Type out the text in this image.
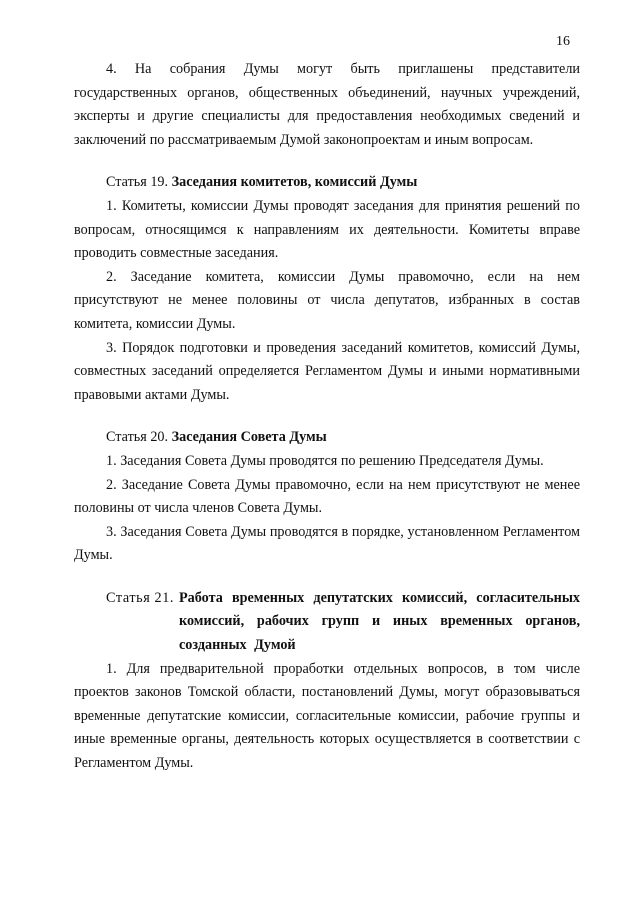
16

4. На собрания Думы могут быть приглашены представители государственных органов, общественных объединений, научных учреждений, эксперты и другие специалисты для предоставления необходимых сведений и заключений по рассматриваемым Думой законопроектам и иным вопросам.

Статья 19. Заседания комитетов, комиссий Думы

1. Комитеты, комиссии Думы проводят заседания для принятия решений по вопросам, относящимся к направлениям их деятельности. Комитеты вправе проводить совместные заседания.

2. Заседание комитета, комиссии Думы правомочно, если на нем присутствуют не менее половины от числа депутатов, избранных в состав комитета, комиссии Думы.

3. Порядок подготовки и проведения заседаний комитетов, комиссий Думы, совместных заседаний определяется Регламентом Думы и иными нормативными правовыми актами Думы.

Статья 20. Заседания Совета Думы

1. Заседания Совета Думы проводятся по решению Председателя Думы.

2. Заседание Совета Думы правомочно, если на нем присутствуют не менее половины от числа членов Совета Думы.

3. Заседания Совета Думы проводятся в порядке, установленном Регламентом Думы.

Статья 21. Работа временных депутатских комиссий, согласительных комиссий, рабочих групп и иных временных органов, созданных Думой

1. Для предварительной проработки отдельных вопросов, в том числе проектов законов Томской области, постановлений Думы, могут образовываться временные депутатские комиссии, согласительные комиссии, рабочие группы и иные временные органы, деятельность которых осуществляется в соответствии с Регламентом Думы.
